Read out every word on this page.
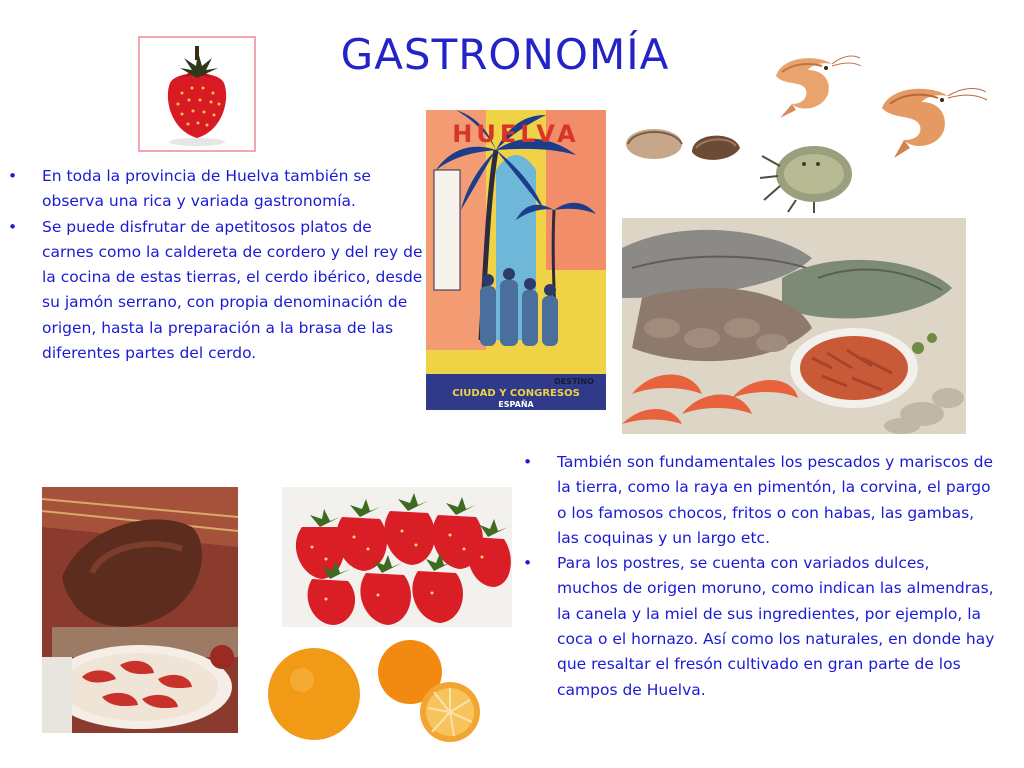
GASTRONOMÍA
• En toda la provincia de Huelva también se observa una rica y variada gastronomía.
• Se puede disfrutar de apetitosos platos de carnes como la caldereta de cordero y del rey de la cocina de estas tierras, el cerdo ibérico, desde su jamón serrano, con propia denominación de origen, hasta la preparación a la brasa de las diferentes partes del cerdo.
• También son fundamentales los pescados y mariscos de la tierra, como la raya en pimentón, la corvina, el pargo o los famosos chocos, fritos o con habas, las gambas, las coquinas y un largo etc.
• Para los postres, se cuenta con variados dulces, muchos de origen moruno, como indican las almendras, la canela y la miel de sus ingredientes, por ejemplo, la coca o el hornazo. Así como los naturales, en donde hay que resaltar el fresón cultivado en gran parte de los campos de Huelva.
HUELVA
DESTINO
CIUDAD Y CONGRESOS
ESPAÑA
